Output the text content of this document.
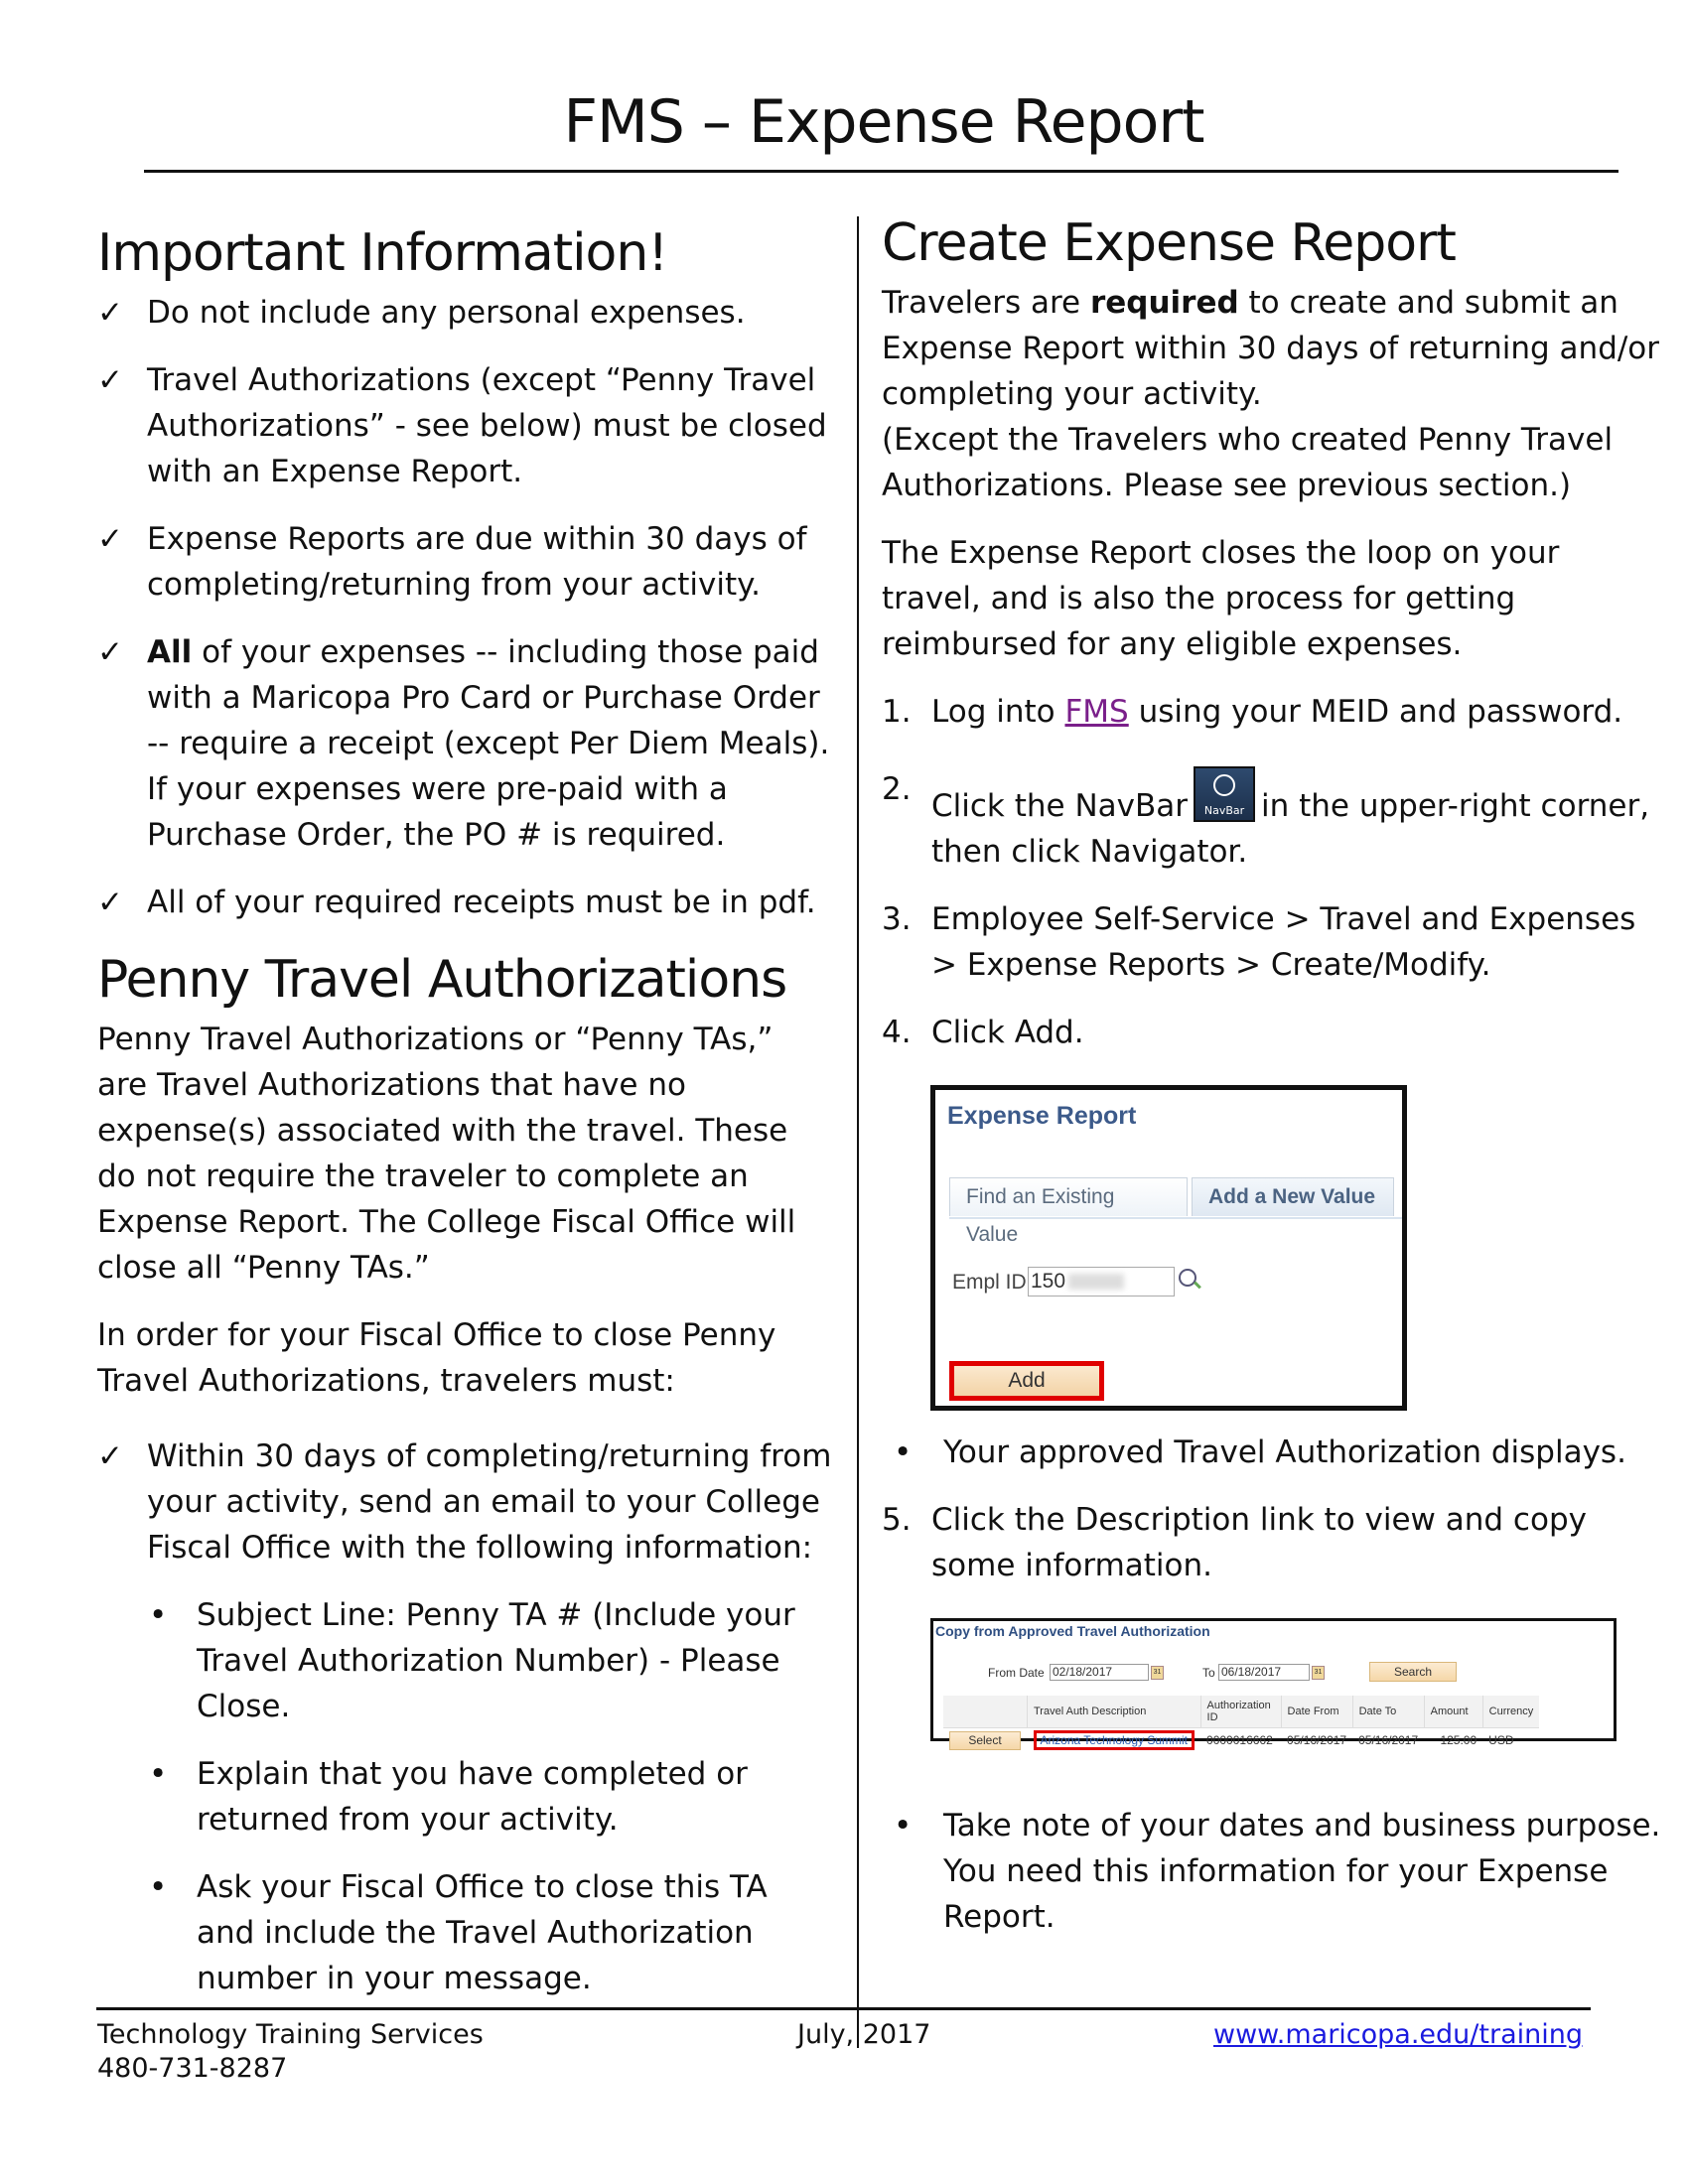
FMS – Expense Report
Important Information!
✓ Do not include any personal expenses.
✓ Travel Authorizations (except “Penny Travel Authorizations” - see below) must be closed with an Expense Report.
✓ Expense Reports are due within 30 days of completing/returning from your activity.
✓ All of your expenses -- including those paid with a Maricopa Pro Card or Purchase Order -- require a receipt (except Per Diem Meals).
If your expenses were pre-paid with a Purchase Order, the PO # is required.
✓ All of your required receipts must be in pdf.
Penny Travel Authorizations

Penny Travel Authorizations or “Penny TAs,” are Travel Authorizations that have no expense(s) associated with the travel. These do not require the traveler to complete an Expense Report. The College Fiscal Office will close all “Penny TAs.”

In order for your Fiscal Office to close Penny Travel Authorizations, travelers must:

✓ Within 30 days of completing/returning from your activity, send an email to your College Fiscal Office with the following information:
• Subject Line: Penny TA # (Include your Travel Authorization Number) - Please Close.
• Explain that you have completed or returned from your activity.
• Ask your Fiscal Office to close this TA and include the Travel Authorization number in your message.
Create Expense Report

Travelers are required to create and submit an Expense Report within 30 days of returning and/or completing your activity.
(Except the Travelers who created Penny Travel Authorizations. Please see previous section.)

The Expense Report closes the loop on your travel, and is also the process for getting reimbursed for any eligible expenses.

1. Log into FMS using your MEID and password.
2. Click the NavBar	NavBar in the upper-right corner, then click Navigator.
3. Employee Self-Service > Travel and Expenses > Expense Reports > Create/Modify.
4. Click Add.
Expense Report
Find an Existing Value
Add a New Value
Empl ID 150
Add
• Your approved Travel Authorization displays.
5. Click the Description link to view and copy some information.
Copy from Approved Travel Authorization
From Date 02/18/2017	31	To 06/18/2017	31	Search
	Travel Auth Description	Authorization ID	Date From	Date To	Amount	Currency
Select	Arizona Technology Summit	0000016662	05/16/2017	05/16/2017	125.00	USD
• Take note of your dates and business purpose. You need this information for your Expense Report.
Technology Training Services
480-731-8287
July, 2017	www.maricopa.edu/training
